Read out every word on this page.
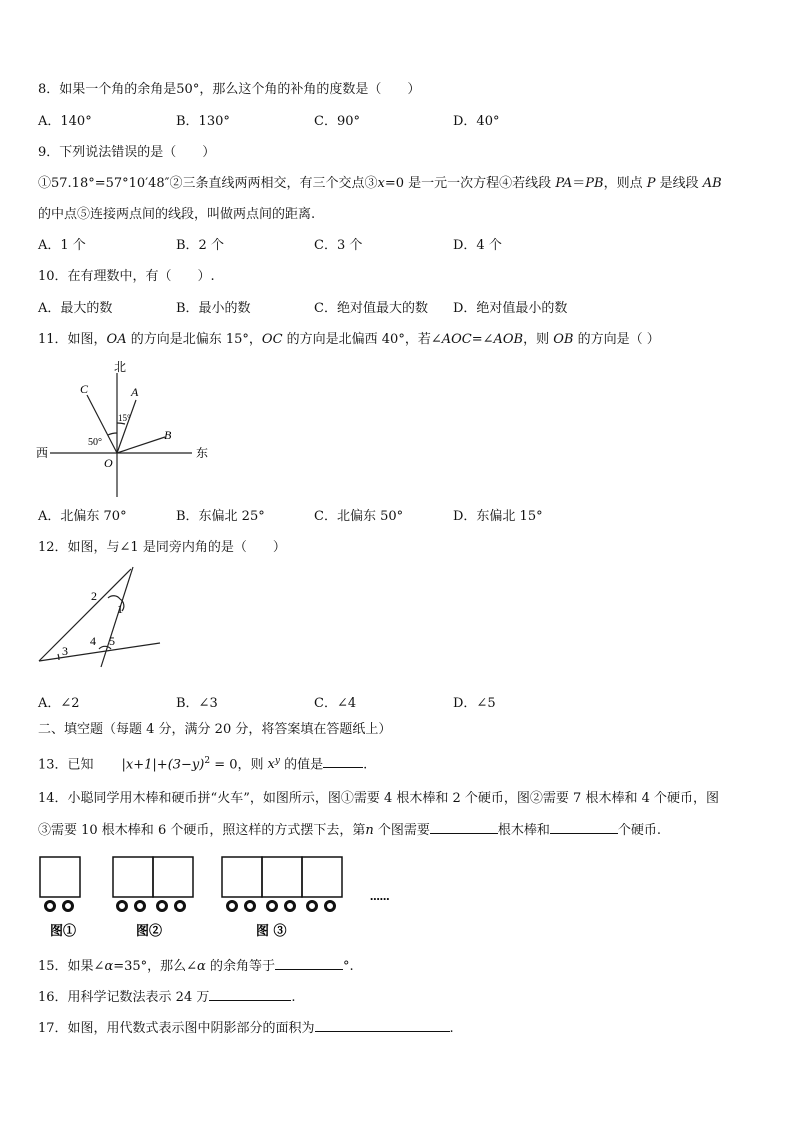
8．如果一个角的余角是50°，那么这个角的补角的度数是（　　）
A．140°	B．130°	C．90°	D．40°
9．下列说法错误的是（　　）
①57.18°=57°10′48″②三条直线两两相交，有三个交点③x=0 是一元一次方程④若线段 PA＝PB，则点 P 是线段 AB
的中点⑤连接两点间的线段，叫做两点间的距离.
A．1 个	B．2 个	C．3 个	D．4 个
10．在有理数中，有（　　）.
A．最大的数	B．最小的数	C．绝对值最大的数 D．绝对值最小的数
11．如图，OA 的方向是北偏东 15°，OC 的方向是北偏西 40°，若∠AOC=∠AOB，则 OB 的方向是（ ）
北
西	东
C	A
B
O
15°
50°
A．北偏东 70°	B．东偏北 25°	C．北偏东 50°	D．东偏北 15°
12．如图，与∠1 是同旁内角的是（　　）
2
1
3
4 5
A．∠2	B．∠3	C．∠4	D．∠5
二、填空题（每题 4 分，满分 20 分，将答案填在答题纸上）
13．已知 $|x+1|+(3-y)^2 = 0$，则 $x^y$ 的值是	.
14．小聪同学用木棒和硬币拼“火车”，如图所示，图①需要 4 根木棒和 2 个硬币，图②需要 7 根木棒和 4 个硬币，图
③需要 10 根木棒和 6 个硬币，照这样的方式摆下去，第n 个图需要	根木棒和	个硬币.
......
图①	图②	图 ③
15．如果∠α=35°，那么∠α 的余角等于	°.
16．用科学记数法表示 24 万	.
17．如图，用代数式表示图中阴影部分的面积为	.
